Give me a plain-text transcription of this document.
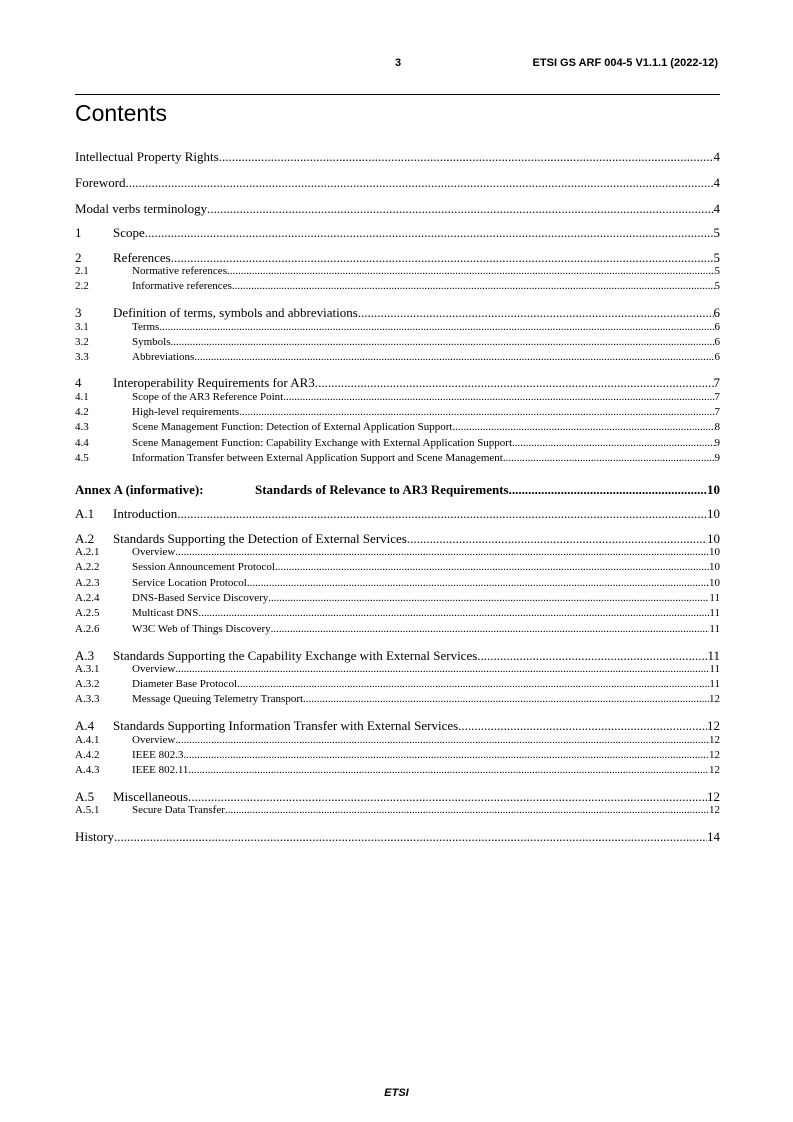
3	ETSI GS ARF 004-5 V1.1.1 (2022-12)
Contents
Intellectual Property Rights .....	4
Foreword .....	4
Modal verbs terminology .....	4
1	Scope .....	5
2	References .....	5
2.1	Normative references .....	5
2.2	Informative references .....	5
3	Definition of terms, symbols and abbreviations .....	6
3.1	Terms .....	6
3.2	Symbols .....	6
3.3	Abbreviations .....	6
4	Interoperability Requirements for AR3 .....	7
4.1	Scope of the AR3 Reference Point .....	7
4.2	High-level requirements .....	7
4.3	Scene Management Function: Detection of External Application Support .....	8
4.4	Scene Management Function: Capability Exchange with External Application Support .....	9
4.5	Information Transfer between External Application Support and Scene Management .....	9
Annex A (informative):	Standards of Relevance to AR3 Requirements .....	10
A.1	Introduction .....	10
A.2	Standards Supporting the Detection of External Services .....	10
A.2.1	Overview .....	10
A.2.2	Session Announcement Protocol .....	10
A.2.3	Service Location Protocol .....	10
A.2.4	DNS-Based Service Discovery .....	11
A.2.5	Multicast DNS .....	11
A.2.6	W3C Web of Things Discovery .....	11
A.3	Standards Supporting the Capability Exchange with External Services .....	11
A.3.1	Overview .....	11
A.3.2	Diameter Base Protocol .....	11
A.3.3	Message Queuing Telemetry Transport .....	12
A.4	Standards Supporting Information Transfer with External Services .....	12
A.4.1	Overview .....	12
A.4.2	IEEE 802.3 .....	12
A.4.3	IEEE 802.11 .....	12
A.5	Miscellaneous .....	12
A.5.1	Secure Data Transfer .....	12
History .....	14
ETSI
